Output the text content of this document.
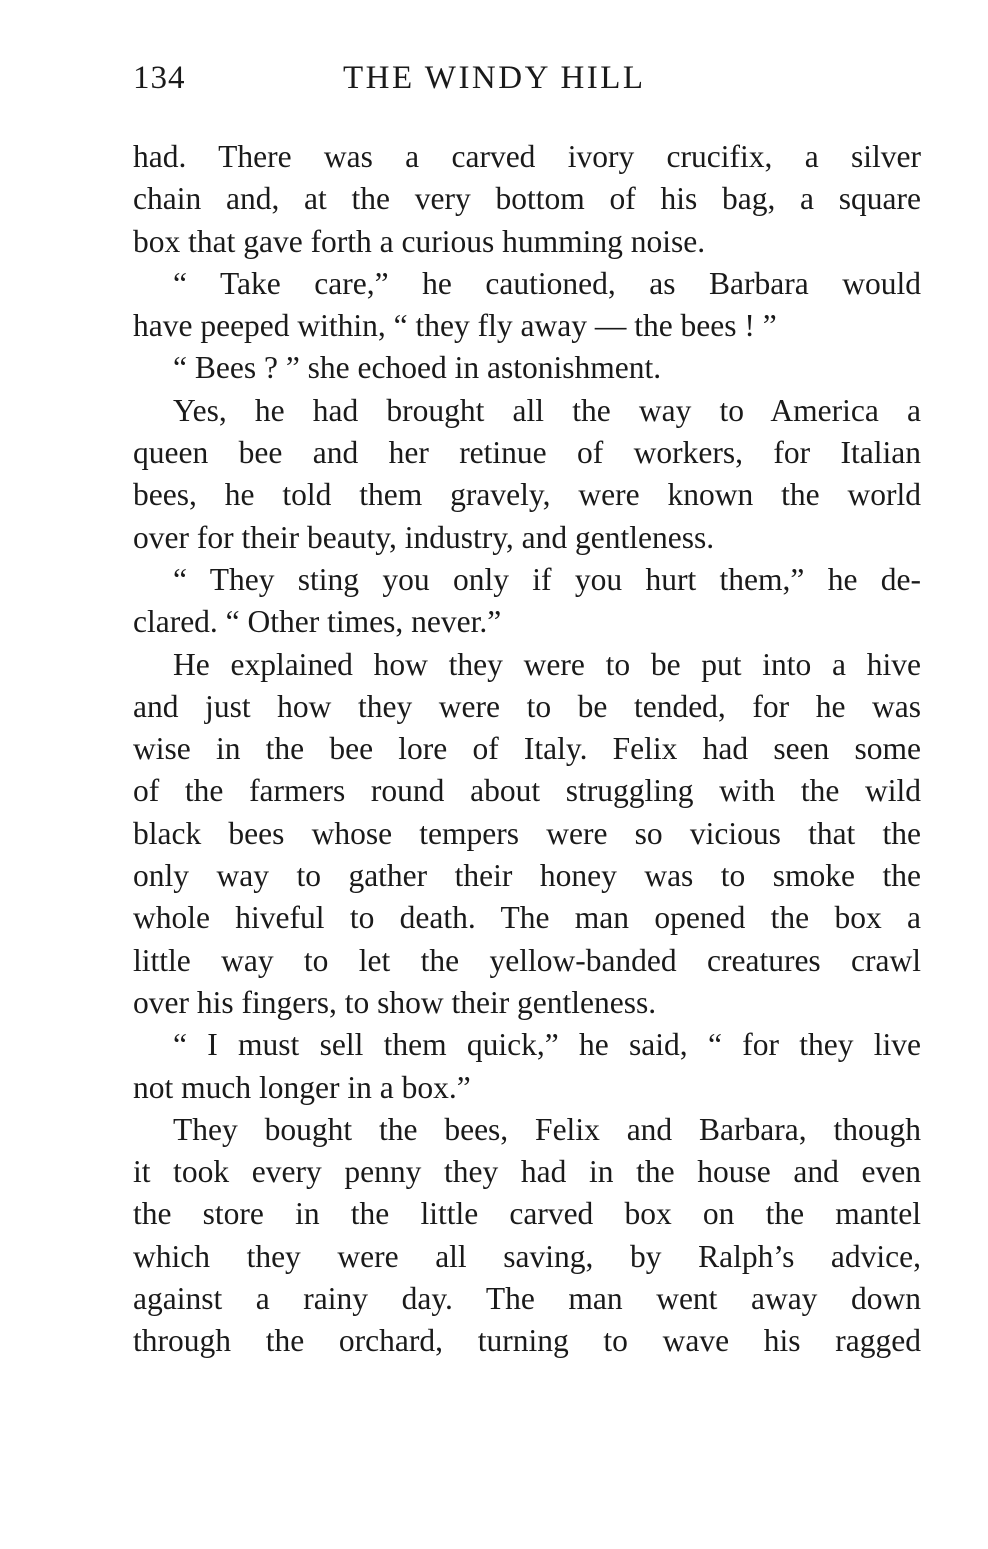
134	THE WINDY HILL
had. There was a carved ivory crucifix, a silver
chain and, at the very bottom of his bag, a square
box that gave forth a curious humming noise.
“ Take care,” he cautioned, as Barbara would
have peeped within, “ they fly away — the bees ! ”
“ Bees ? ” she echoed in astonishment.
Yes, he had brought all the way to America a
queen bee and her retinue of workers, for Italian
bees, he told them gravely, were known the world
over for their beauty, industry, and gentleness.
“ They sting you only if you hurt them,” he de-
clared. “ Other times, never.”
He explained how they were to be put into a hive
and just how they were to be tended, for he was
wise in the bee lore of Italy. Felix had seen some
of the farmers round about struggling with the wild
black bees whose tempers were so vicious that the
only way to gather their honey was to smoke the
whole hiveful to death. The man opened the box a
little way to let the yellow-banded creatures crawl
over his fingers, to show their gentleness.
“ I must sell them quick,” he said, “ for they live
not much longer in a box.”
They bought the bees, Felix and Barbara, though
it took every penny they had in the house and even
the store in the little carved box on the mantel
which they were all saving, by Ralph’s advice,
against a rainy day. The man went away down
through the orchard, turning to wave his ragged
